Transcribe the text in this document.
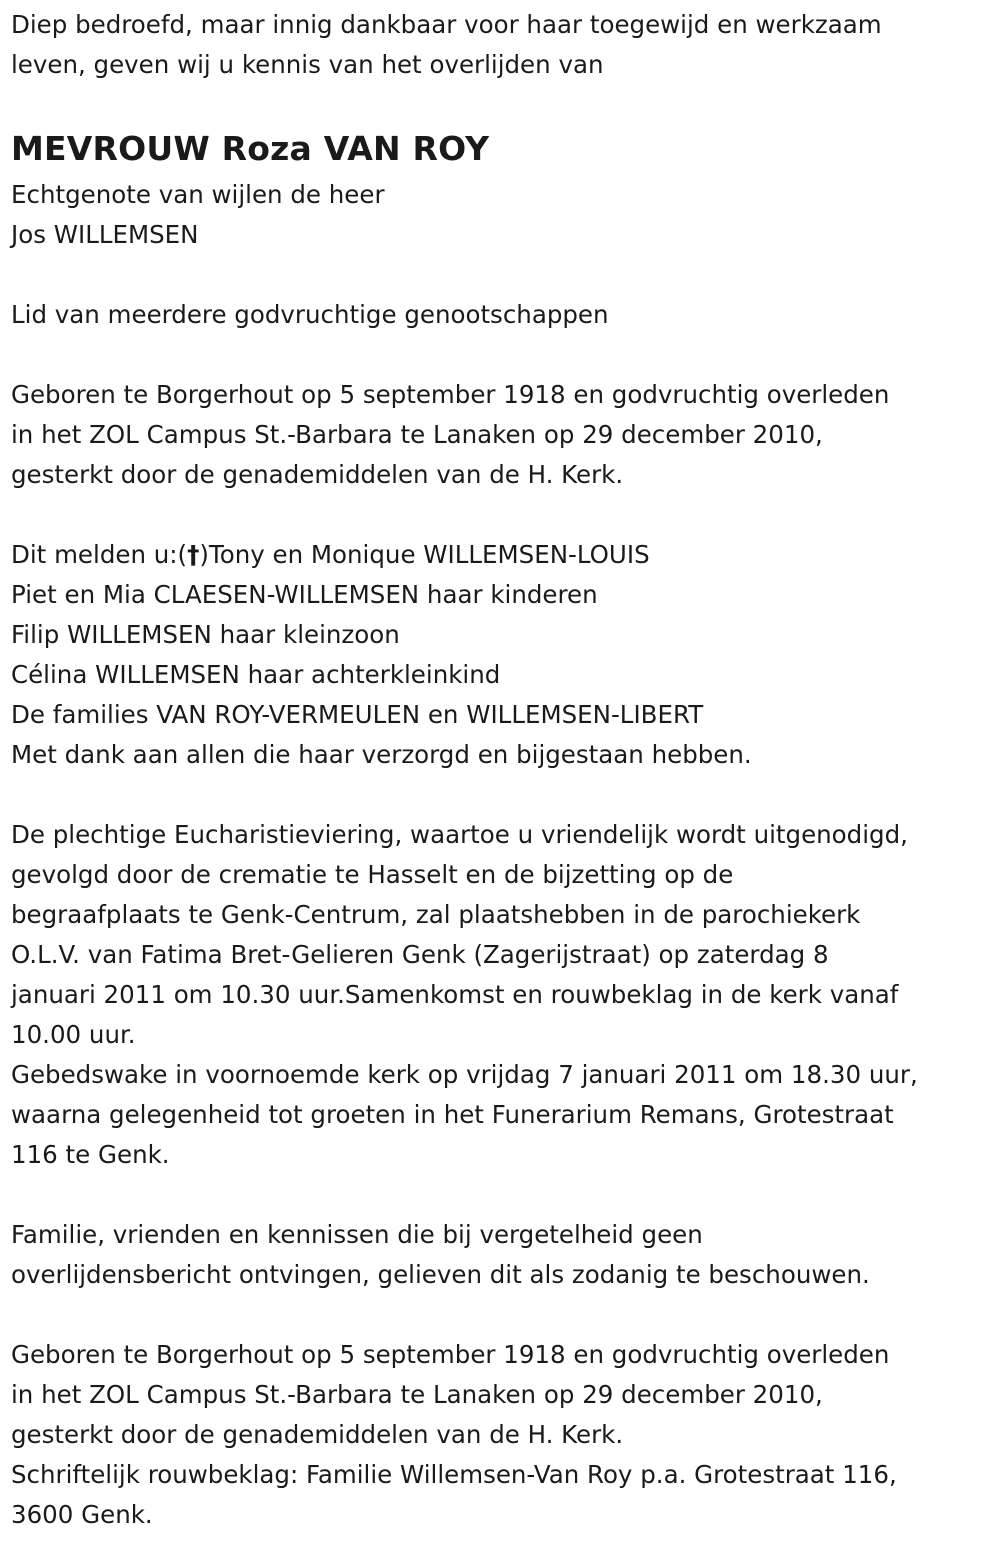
Diep bedroefd, maar innig dankbaar voor haar toegewijd en werkzaam
leven, geven wij u kennis van het overlijden van
MEVROUW Roza VAN ROY
Echtgenote van wijlen de heer
Jos WILLEMSEN
Lid van meerdere godvruchtige genootschappen
Geboren te Borgerhout op 5 september 1918 en godvruchtig overleden
in het ZOL Campus St.-Barbara te Lanaken op 29 december 2010,
gesterkt door de genademiddelen van de H. Kerk.
Dit melden u:(†)Tony en Monique WILLEMSEN-LOUIS
Piet en Mia CLAESEN-WILLEMSEN haar kinderen
Filip WILLEMSEN haar kleinzoon
Célina WILLEMSEN haar achterkleinkind
De families VAN ROY-VERMEULEN en WILLEMSEN-LIBERT
Met dank aan allen die haar verzorgd en bijgestaan hebben.
De plechtige Eucharistieviering, waartoe u vriendelijk wordt uitgenodigd,
gevolgd door de crematie te Hasselt en de bijzetting op de
begraafplaats te Genk-Centrum, zal plaatshebben in de parochiekerk
O.L.V. van Fatima Bret-Gelieren Genk (Zagerijstraat) op zaterdag 8
januari 2011 om 10.30 uur.Samenkomst en rouwbeklag in de kerk vanaf
10.00 uur.
Gebedswake in voornoemde kerk op vrijdag 7 januari 2011 om 18.30 uur,
waarna gelegenheid tot groeten in het Funerarium Remans, Grotestraat
116 te Genk.
Familie, vrienden en kennissen die bij vergetelheid geen
overlijdensbericht ontvingen, gelieven dit als zodanig te beschouwen.
Geboren te Borgerhout op 5 september 1918 en godvruchtig overleden
in het ZOL Campus St.-Barbara te Lanaken op 29 december 2010,
gesterkt door de genademiddelen van de H. Kerk.
Schriftelijk rouwbeklag: Familie Willemsen-Van Roy p.a. Grotestraat 116,
3600 Genk.
